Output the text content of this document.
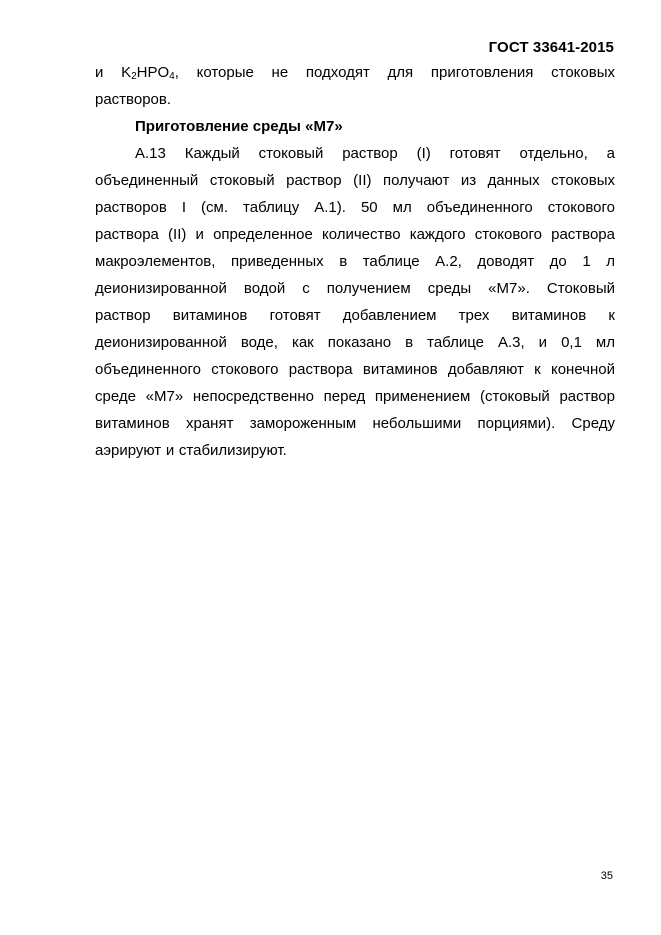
ГОСТ 33641-2015
и $K_2HPO_4$, которые не подходят для приготовления стоковых
растворов.
Приготовление среды «M7»
А.13 Каждый стоковый раствор (I) готовят отдельно, а
объединенный стоковый раствор (II) получают из данных стоковых
растворов I (см. таблицу А.1). 50 мл объединенного стокового
раствора (II) и определенное количество каждого стокового раствора
макроэлементов, приведенных в таблице А.2, доводят до 1 л
деионизированной водой с получением среды «M7». Стоковый
раствор витаминов готовят добавлением трех витаминов к
деионизированной воде, как показано в таблице А.3, и 0,1 мл
объединенного стокового раствора витаминов добавляют к конечной
среде «M7» непосредственно перед применением (стоковый раствор
витаминов хранят замороженным небольшими порциями). Среду
аэрируют и стабилизируют.
35
